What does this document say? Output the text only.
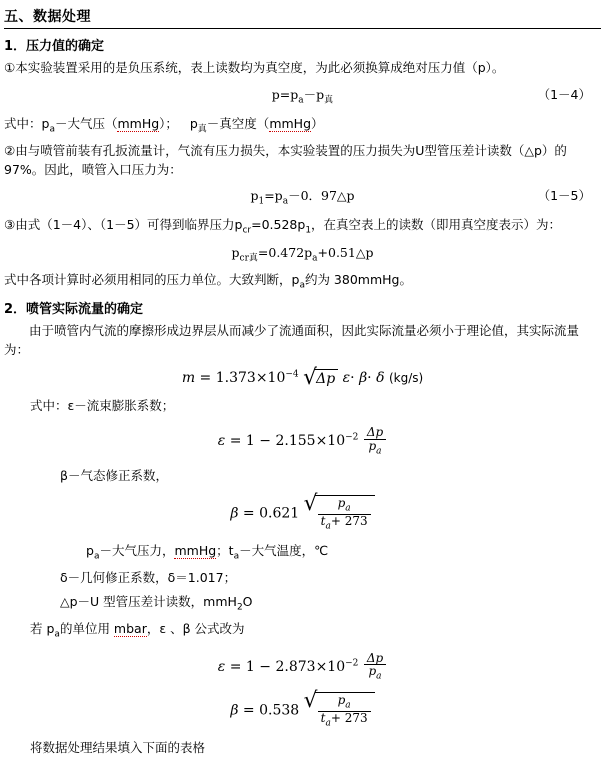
五、数据处理
1．压力值的确定
①本实验装置采用的是负压系统，表上读数均为真空度，为此必须换算成绝对压力值（p）。
$p=p_a-p_真$	（1－4）
式中：$p_a-$大气压（mmHg）； $p_真-$真空度（mmHg）
②由与喷管前装有孔扳流量计，气流有压力损失，本实验装置的压力损失为U型管压差计读数（△p）的
97%。因此，喷管入口压力为：
$p_1=p_a-0$．97△p	（1－5）
③由式（1－4）、（1－5）可得到临界压力$p_{cr}=0.528p_1$，在真空表上的读数（即用真空度表示）为：
$p_{cr真}=0.472p_a+0.51\triangle p$
式中各项计算时必须用相同的压力单位。大致判断，$p_a$约为 380mmHg。
2．喷管实际流量的确定
由于喷管内气流的摩擦形成边界层从而减少了流通面积，因此实际流量必须小于理论值，其实际流量
为：
$m = 1.373\times 10^{-4}$ √ Δp ε· β· δ (kg/s)
式中：ε－流束膨胀系数；
$\varepsilon = 1 - 2.155\times 10^{-2} \frac{\Delta p}{p_a}$
β－气态修正系数，
β = 0.621 √ $\frac{p_a}{t_a+ 273}$
$p_a-$大气压力，mmHg；$t_a-$大气温度，℃
δ－几何修正系数，δ＝1.017；
△p－U 型管压差计读数，mmH$_2$O
若 $p_a$的单位用 mbar，ε 、β 公式改为
$\varepsilon = 1 - 2.873\times 10^{-2} \frac{\Delta p}{p_a}$
β = 0.538 √ $\frac{p_a}{t_a+ 273}$
将数据处理结果填入下面的表格
